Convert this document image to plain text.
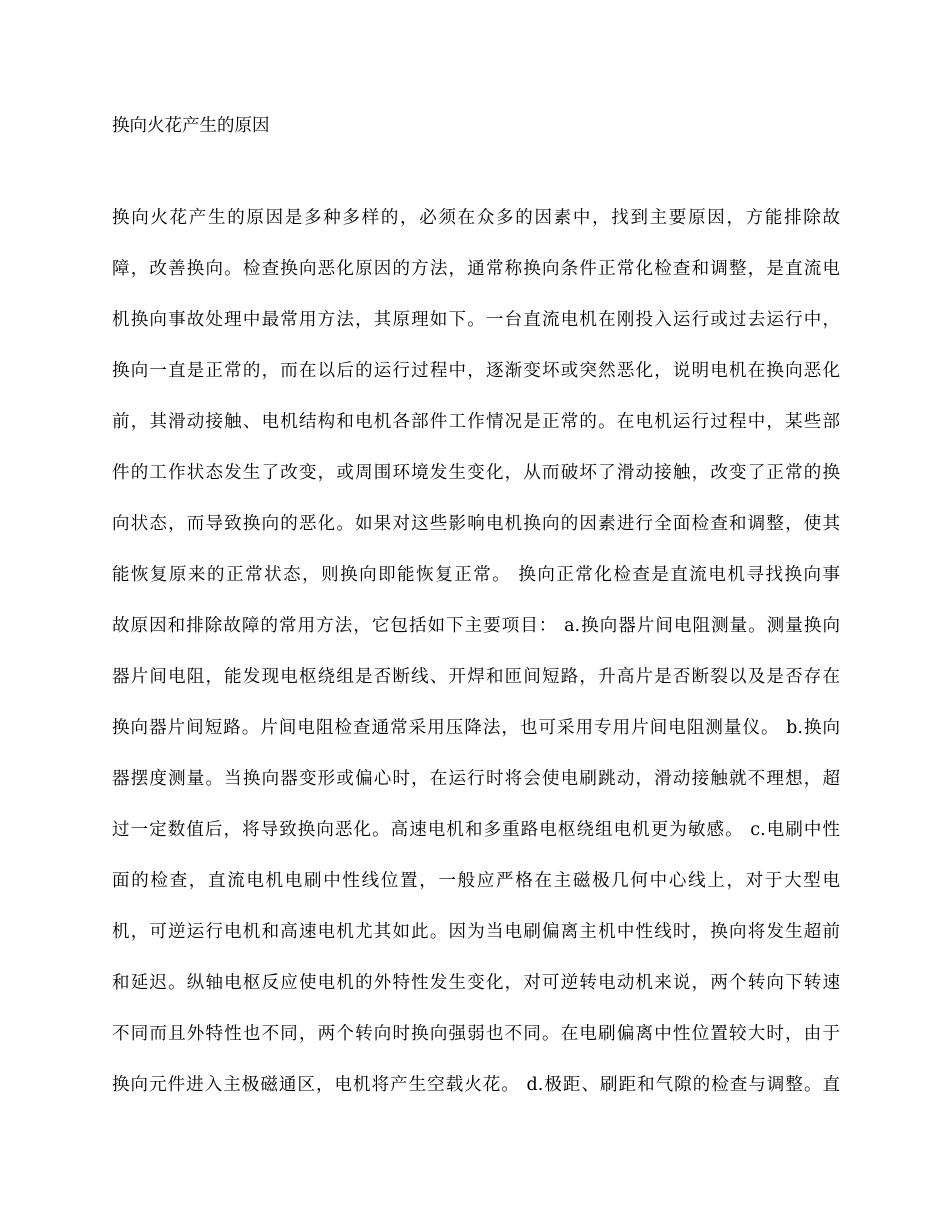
换向火花产生的原因
换向火花产生的原因是多种多样的，必须在众多的因素中，找到主要原因，方能排除故
障，改善换向。检查换向恶化原因的方法，通常称换向条件正常化检查和调整，是直流电
机换向事故处理中最常用方法，其原理如下。一台直流电机在刚投入运行或过去运行中，
换向一直是正常的，而在以后的运行过程中，逐渐变坏或突然恶化，说明电机在换向恶化
前，其滑动接触、电机结构和电机各部件工作情况是正常的。在电机运行过程中，某些部
件的工作状态发生了改变，或周围环境发生变化，从而破坏了滑动接触，改变了正常的换
向状态，而导致换向的恶化。如果对这些影响电机换向的因素进行全面检查和调整，使其
能恢复原来的正常状态，则换向即能恢复正常。 换向正常化检查是直流电机寻找换向事
故原因和排除故障的常用方法，它包括如下主要项目： a.换向器片间电阻测量。测量换向
器片间电阻，能发现电枢绕组是否断线、开焊和匝间短路，升高片是否断裂以及是否存在
换向器片间短路。片间电阻检查通常采用压降法，也可采用专用片间电阻测量仪。 b.换向
器摆度测量。当换向器变形或偏心时，在运行时将会使电刷跳动，滑动接触就不理想，超
过一定数值后，将导致换向恶化。高速电机和多重路电枢绕组电机更为敏感。 c.电刷中性
面的检查，直流电机电刷中性线位置，一般应严格在主磁极几何中心线上，对于大型电
机，可逆运行电机和高速电机尤其如此。因为当电刷偏离主机中性线时，换向将发生超前
和延迟。纵轴电枢反应使电机的外特性发生变化，对可逆转电动机来说，两个转向下转速
不同而且外特性也不同，两个转向时换向强弱也不同。在电刷偏离中性位置较大时，由于
换向元件进入主极磁通区，电机将产生空载火花。 d.极距、刷距和气隙的检查与调整。直
